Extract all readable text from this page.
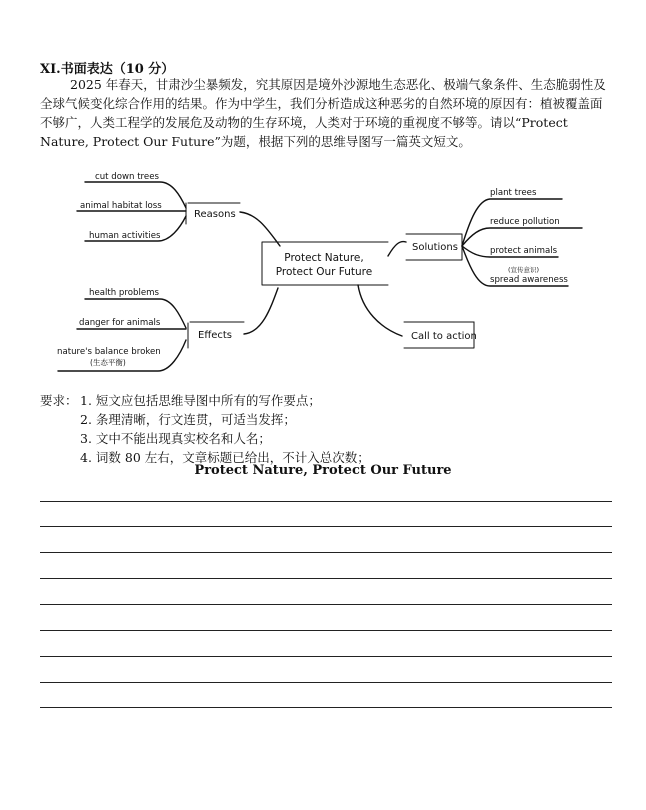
XI.书面表达（10 分）

2025 年春天，甘肃沙尘暴频发，究其原因是境外沙源地生态恶化、极端气象条件、生态脆弱性及全球气候变化综合作用的结果。作为中学生，我们分析造成这种恶劣的自然环境的原因有：植被覆盖面不够广，人类工程学的发展危及动物的生存环境，人类对于环境的重视度不够等。请以“Protect Nature, Protect Our Future”为题，根据下列的思维导图写一篇英文短文。

cut down trees
animal habitat loss
human activities
health problems
danger for animals
nature's balance broken
(生态平衡)
plant trees
reduce pollution
protect animals
(宣传意识)
spread awareness
Reasons
Effects
Solutions
Call to action
Protect Nature,
Protect Our Future
要求： 1. 短文应包括思维导图中所有的写作要点；
2. 条理清晰，行文连贯，可适当发挥；
3. 文中不能出现真实校名和人名；
4. 词数 80 左右，文章标题已给出，不计入总次数；
Protect Nature, Protect Our Future
